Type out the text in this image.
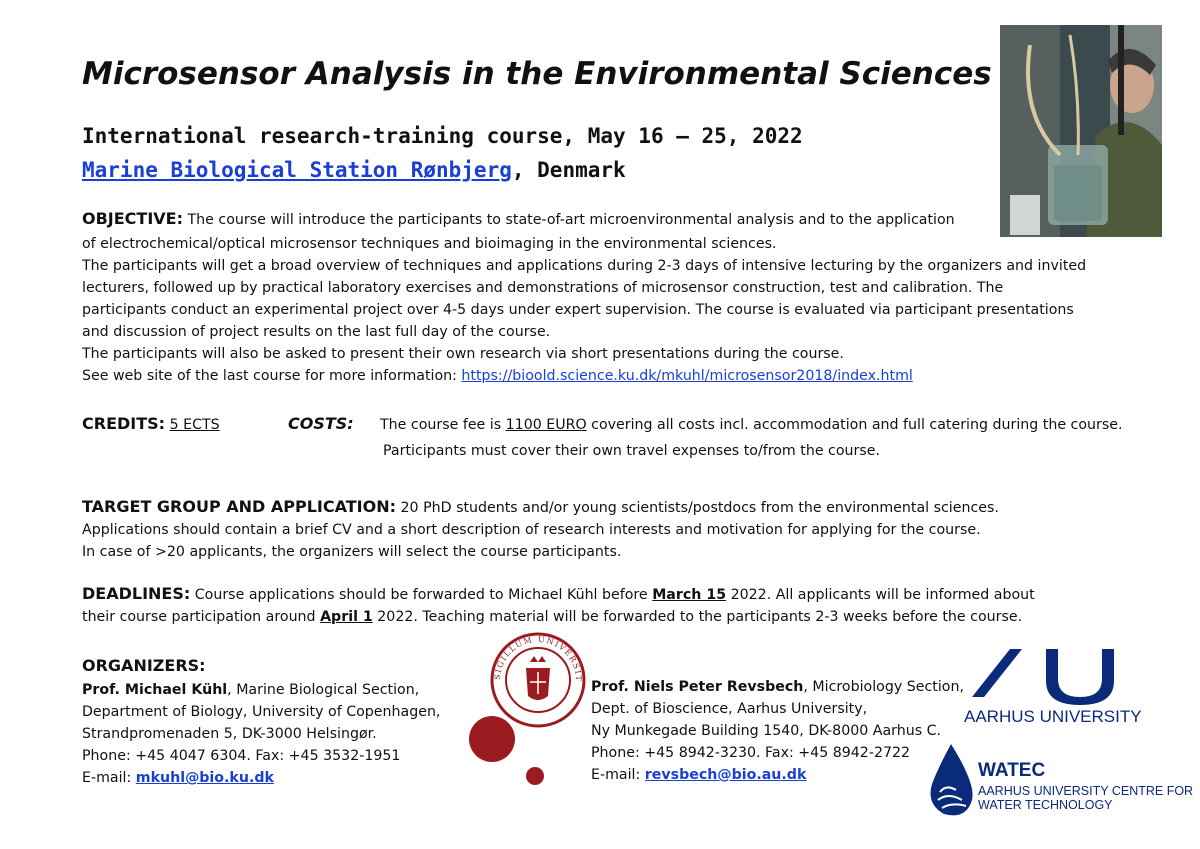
Microsensor Analysis in the Environmental Sciences
International research-training course, May 16 – 25, 2022
Marine Biological Station Rønbjerg, Denmark
OBJECTIVE: The course will introduce the participants to state-of-art microenvironmental analysis and to the application
of electrochemical/optical microsensor techniques and bioimaging in the environmental sciences.
The participants will get a broad overview of techniques and applications during 2-3 days of intensive lecturing by the organizers and invited
lecturers, followed up by practical laboratory exercises and demonstrations of microsensor construction, test and calibration. The
participants conduct an experimental project over 4-5 days under expert supervision. The course is evaluated via participant presentations
and discussion of project results on the last full day of the course.
The participants will also be asked to present their own research via short presentations during the course.
See web site of the last course for more information: https://bioold.science.ku.dk/mkuhl/microsensor2018/index.html
CREDITS: 5 ECTS	COSTS: The course fee is 1100 EURO covering all costs incl. accommodation and full catering during the course.
Participants must cover their own travel expenses to/from the course.
TARGET GROUP AND APPLICATION: 20 PhD students and/or young scientists/postdocs from the environmental sciences.
Applications should contain a brief CV and a short description of research interests and motivation for applying for the course.
In case of >20 applicants, the organizers will select the course participants.
DEADLINES: Course applications should be forwarded to Michael Kühl before March 15 2022. All applicants will be informed about
their course participation around April 1 2022. Teaching material will be forwarded to the participants 2-3 weeks before the course.
ORGANIZERS:
Prof. Michael Kühl, Marine Biological Section,
Department of Biology, University of Copenhagen,
Strandpromenaden 5, DK-3000 Helsingør.
Phone: +45 4047 6304. Fax: +45 3532-1951
E-mail: mkuhl@bio.ku.dk
Prof. Niels Peter Revsbech, Microbiology Section,
Dept. of Bioscience, Aarhus University,
Ny Munkegade Building 1540, DK-8000 Aarhus C.
Phone: +45 8942-3230. Fax: +45 8942-2722
E-mail: revsbech@bio.au.dk
SIGILLUM UNIVERSIT
AARHUS UNIVERSITY
WATEC
AARHUS UNIVERSITY CENTRE FOR
WATER TECHNOLOGY
